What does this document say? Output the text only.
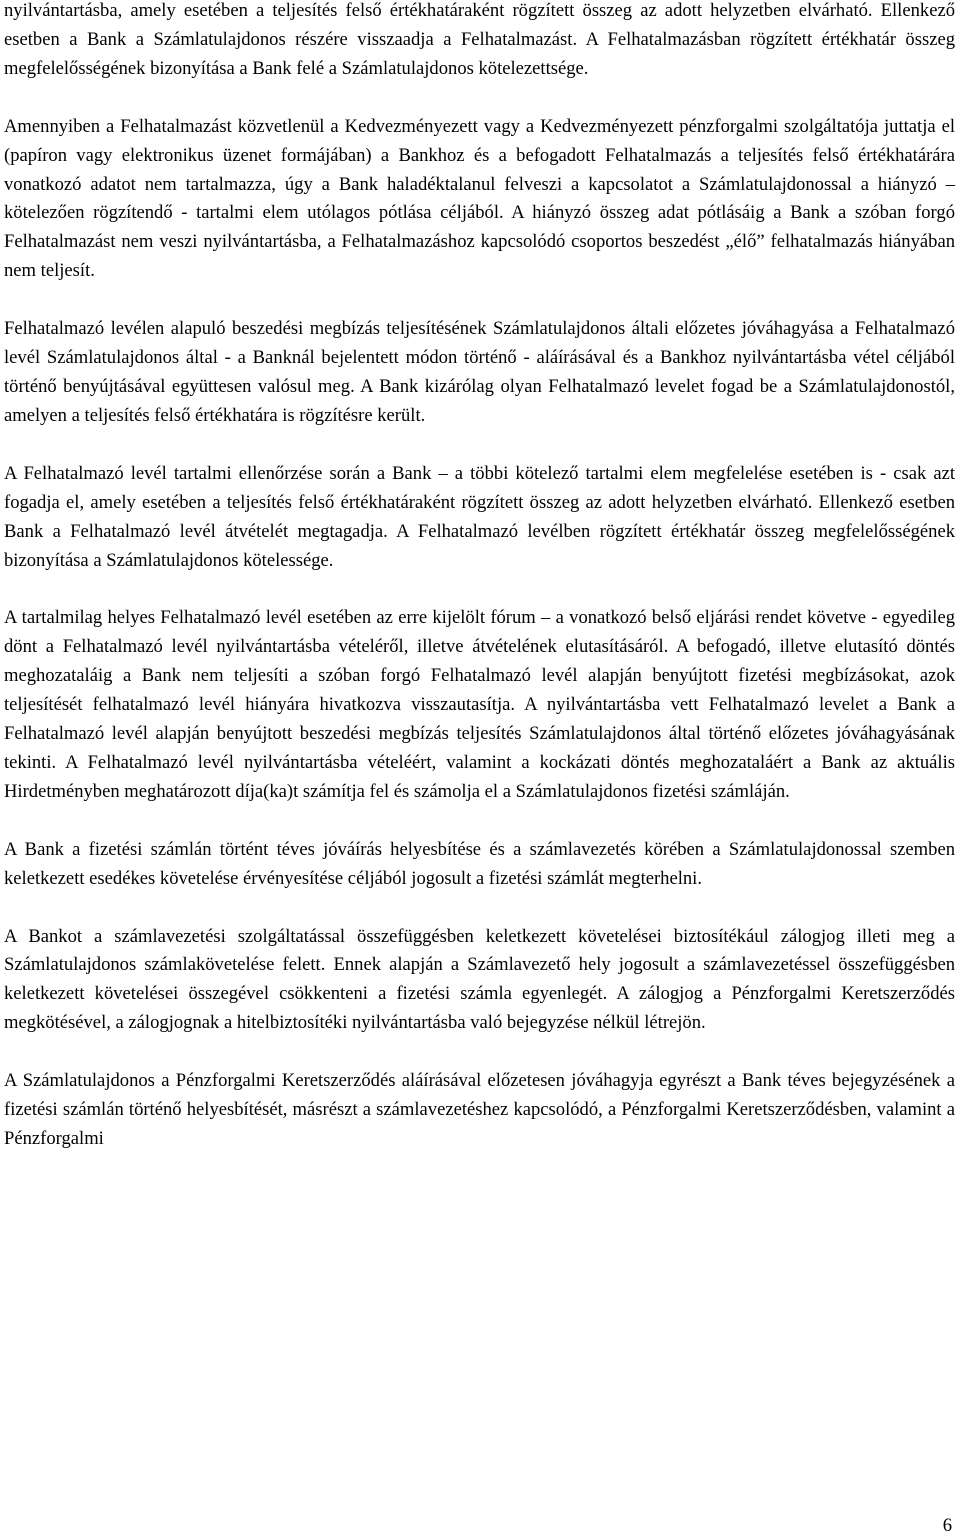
nyilvántartásba, amely esetében a teljesítés felső értékhatáraként rögzített összeg az adott helyzetben elvárható. Ellenkező esetben a Bank a Számlatulajdonos részére visszaadja a Felhatalmazást. A Felhatalmazásban rögzített értékhatár összeg megfelelősségének bizonyítása a Bank felé a Számlatulajdonos kötelezettsége.

Amennyiben a Felhatalmazást közvetlenül a Kedvezményezett vagy a Kedvezményezett pénzforgalmi szolgáltatója juttatja el (papíron vagy elektronikus üzenet formájában) a Bankhoz és a befogadott Felhatalmazás a teljesítés felső értékhatárára vonatkozó adatot nem tartalmazza, úgy a Bank haladéktalanul felveszi a kapcsolatot a Számlatulajdonossal a hiányzó – kötelezően rögzítendő - tartalmi elem utólagos pótlása céljából. A hiányzó összeg adat pótlásáig a Bank a szóban forgó Felhatalmazást nem veszi nyilvántartásba, a Felhatalmazáshoz kapcsolódó csoportos beszedést „élő” felhatalmazás hiányában nem teljesít.

Felhatalmazó levélen alapuló beszedési megbízás teljesítésének Számlatulajdonos általi előzetes jóváhagyása a Felhatalmazó levél Számlatulajdonos által - a Banknál bejelentett módon történő - aláírásával és a Bankhoz nyilvántartásba vétel céljából történő benyújtásával együttesen valósul meg. A Bank kizárólag olyan Felhatalmazó levelet fogad be a Számlatulajdonostól, amelyen a teljesítés felső értékhatára is rögzítésre került.

A Felhatalmazó levél tartalmi ellenőrzése során a Bank – a többi kötelező tartalmi elem megfelelése esetében is - csak azt fogadja el, amely esetében a teljesítés felső értékhatáraként rögzített összeg az adott helyzetben elvárható. Ellenkező esetben Bank a Felhatalmazó levél átvételét megtagadja. A Felhatalmazó levélben rögzített értékhatár összeg megfelelősségének bizonyítása a Számlatulajdonos kötelessége.

A tartalmilag helyes Felhatalmazó levél esetében az erre kijelölt fórum – a vonatkozó belső eljárási rendet követve - egyedileg dönt a Felhatalmazó levél nyilvántartásba vételéről, illetve átvételének elutasításáról. A befogadó, illetve elutasító döntés meghozataláig a Bank nem teljesíti a szóban forgó Felhatalmazó levél alapján benyújtott fizetési megbízásokat, azok teljesítését felhatalmazó levél hiányára hivatkozva visszautasítja. A nyilvántartásba vett Felhatalmazó levelet a Bank a Felhatalmazó levél alapján benyújtott beszedési megbízás teljesítés Számlatulajdonos által történő előzetes jóváhagyásának tekinti. A Felhatalmazó levél nyilvántartásba vételéért, valamint a kockázati döntés meghozataláért a Bank az aktuális Hirdetményben meghatározott díja(ka)t számítja fel és számolja el a Számlatulajdonos fizetési számláján.

A Bank a fizetési számlán történt téves jóváírás helyesbítése és a számlavezetés körében a Számlatulajdonossal szemben keletkezett esedékes követelése érvényesítése céljából jogosult a fizetési számlát megterhelni.

A Bankot a számlavezetési szolgáltatással összefüggésben keletkezett követelései biztosítékául zálogjog illeti meg a Számlatulajdonos számlakövetelése felett. Ennek alapján a Számlavezető hely jogosult a számlavezetéssel összefüggésben keletkezett követelései összegével csökkenteni a fizetési számla egyenlegét. A zálogjog a Pénzforgalmi Keretszerződés megkötésével, a zálogjognak a hitelbiztosítéki nyilvántartásba való bejegyzése nélkül létrejön.

A Számlatulajdonos a Pénzforgalmi Keretszerződés aláírásával előzetesen jóváhagyja egyrészt a Bank téves bejegyzésének a fizetési számlán történő helyesbítését, másrészt a számlavezetéshez kapcsolódó, a Pénzforgalmi Keretszerződésben, valamint a Pénzforgalmi

6
